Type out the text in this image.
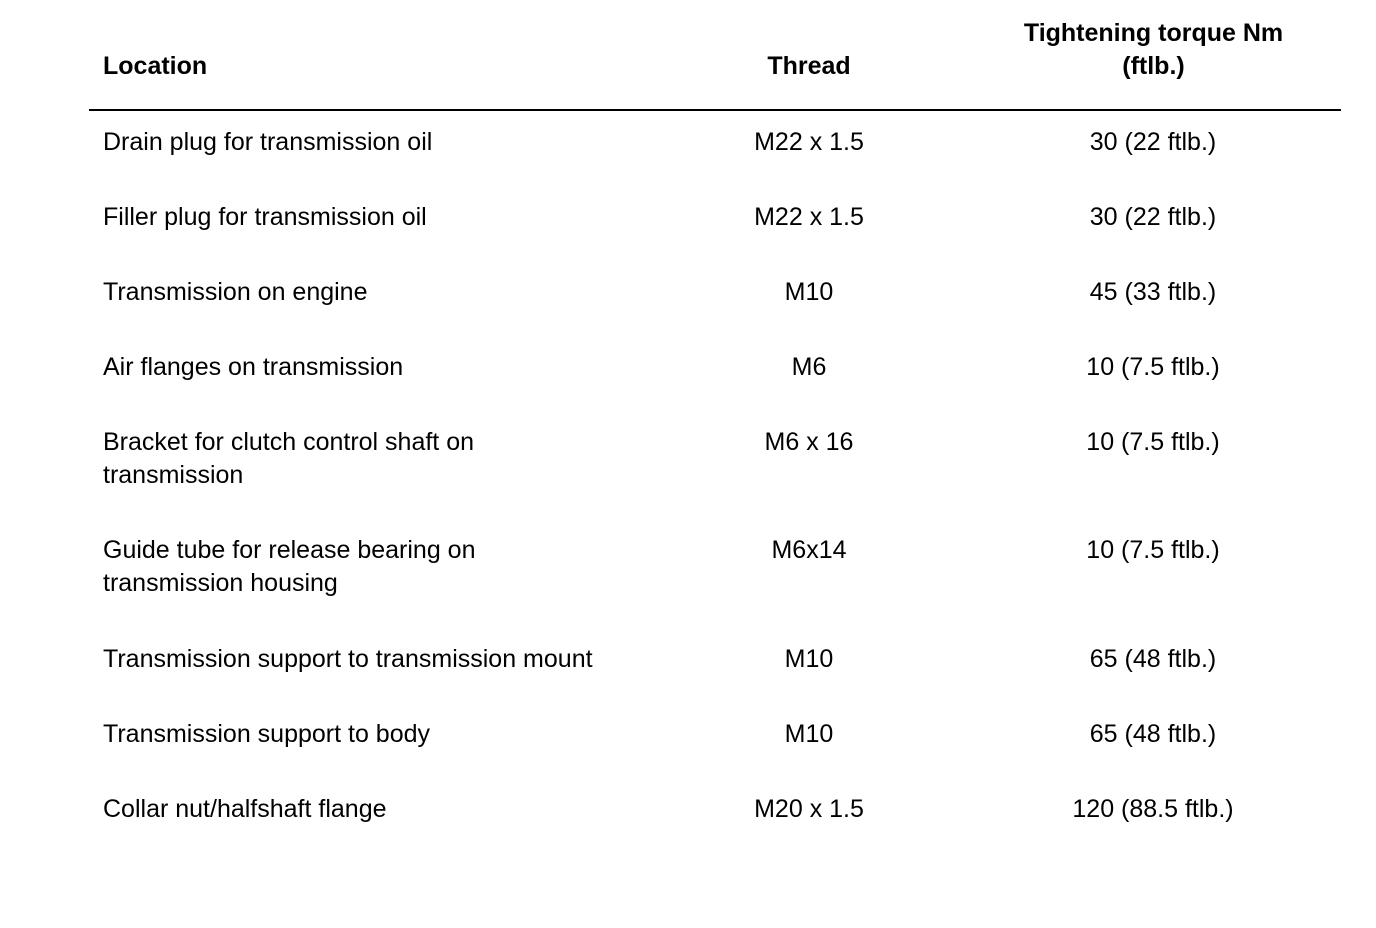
Location	Thread
Tightening torque Nm
(ftlb.)
Drain plug for transmission oil	M22 x 1.5	30 (22 ftlb.)
Filler plug for transmission oil	M22 x 1.5	30 (22 ftlb.)
Transmission on engine	M10	45 (33 ftlb.)
Air flanges on transmission	M6	10 (7.5 ftlb.)
Bracket for clutch control shaft on
transmission
M6 x 16	10 (7.5 ftlb.)
Guide tube for release bearing on
transmission housing
M6x14	10 (7.5 ftlb.)
Transmission support to transmission mount	M10	65 (48 ftlb.)
Transmission support to body	M10	65 (48 ftlb.)
Collar nut/halfshaft flange	M20 x 1.5	120 (88.5 ftlb.)
